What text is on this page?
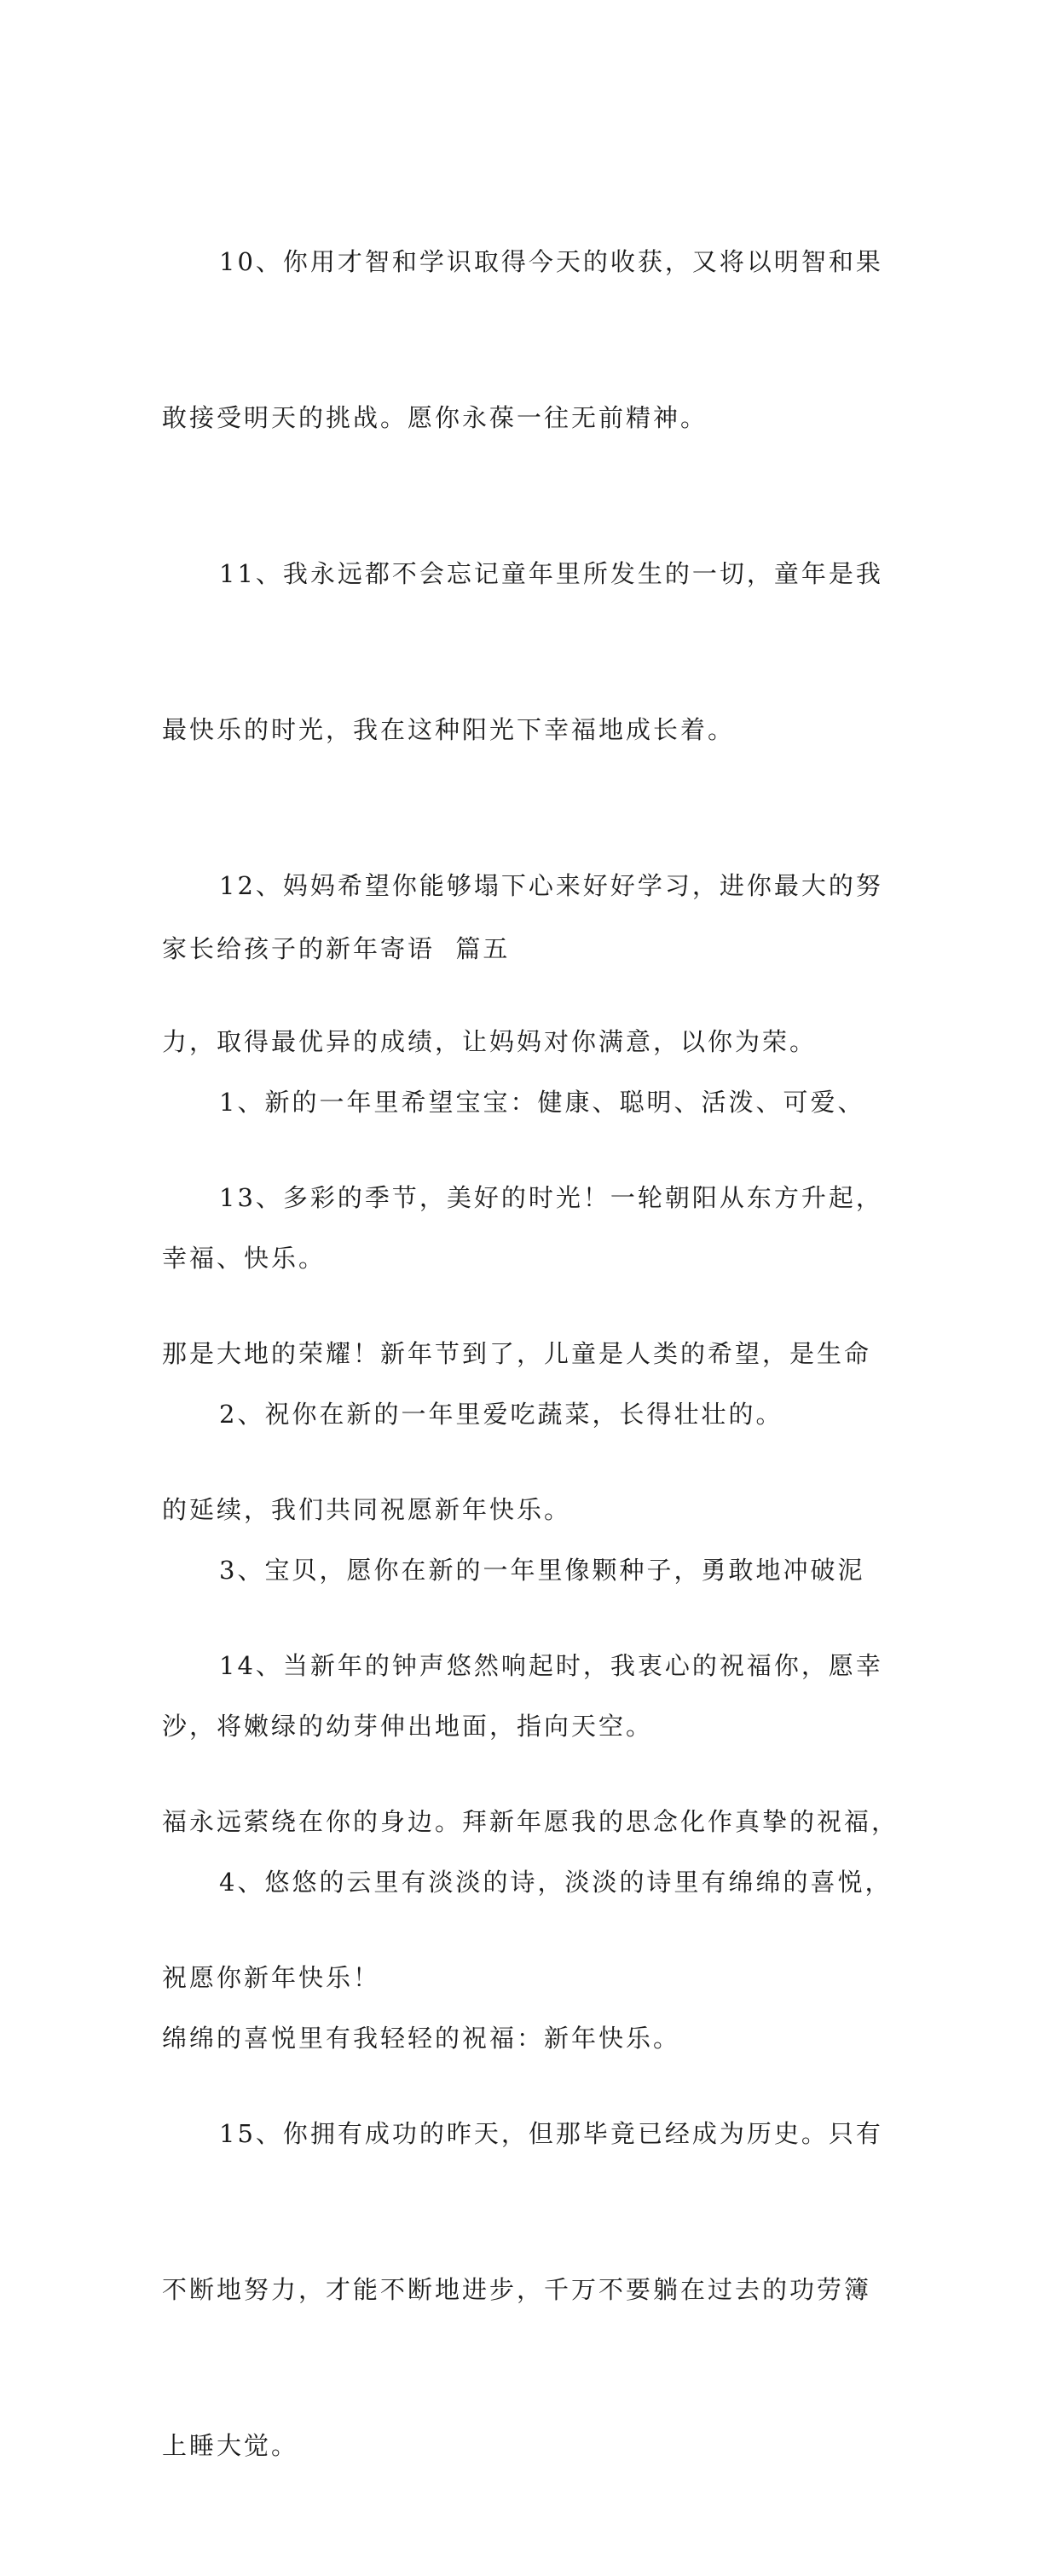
10、你用才智和学识取得今天的收获，又将以明智和果

敢接受明天的挑战。愿你永葆一往无前精神。

11、我永远都不会忘记童年里所发生的一切，童年是我

最快乐的时光，我在这种阳光下幸福地成长着。

12、妈妈希望你能够塌下心来好好学习，进你最大的努

力，取得最优异的成绩，让妈妈对你满意，以你为荣。

13、多彩的季节，美好的时光！一轮朝阳从东方升起，

那是大地的荣耀！新年节到了，儿童是人类的希望，是生命

的延续，我们共同祝愿新年快乐。

14、当新年的钟声悠然响起时，我衷心的祝福你，愿幸

福永远萦绕在你的身边。拜新年愿我的思念化作真挚的祝福，

祝愿你新年快乐！

15、你拥有成功的昨天，但那毕竟已经成为历史。只有

不断地努力，才能不断地进步，千万不要躺在过去的功劳簿

上睡大觉。

家长给孩子的新年寄语  篇五

1、新的一年里希望宝宝：健康、聪明、活泼、可爱、

幸福、快乐。

2、祝你在新的一年里爱吃蔬菜，长得壮壮的。

3、宝贝，愿你在新的一年里像颗种子，勇敢地冲破泥

沙，将嫩绿的幼芽伸出地面，指向天空。

4、悠悠的云里有淡淡的诗，淡淡的诗里有绵绵的喜悦，

绵绵的喜悦里有我轻轻的祝福：新年快乐。
